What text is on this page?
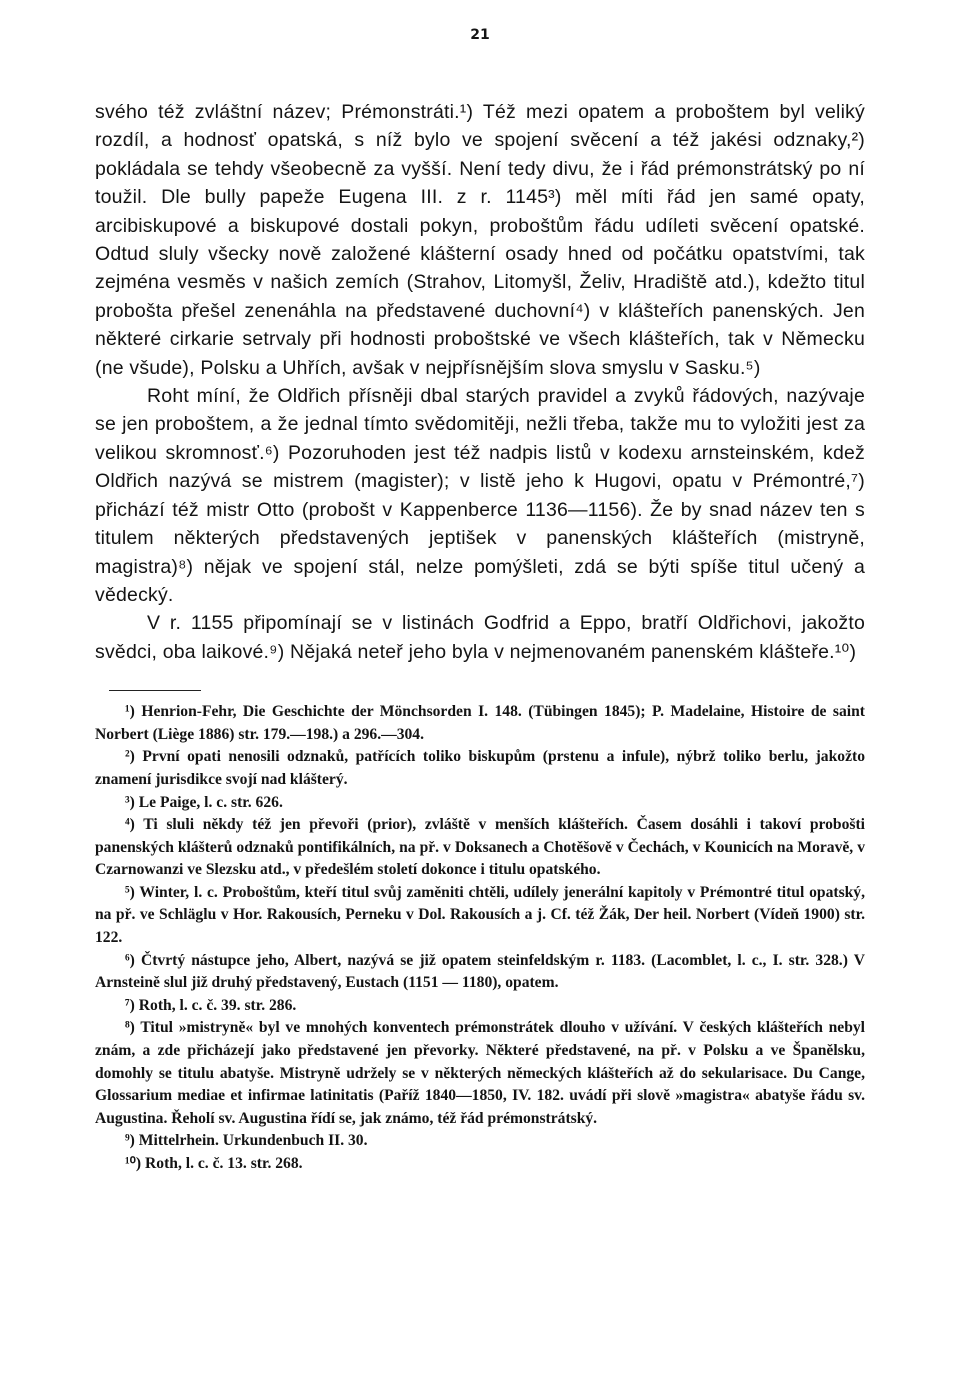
21

svého též zvláštní název; Prémonstráti.¹) Též mezi opatem a proboštem byl veliký rozdíl, a hodnosť opatská, s níž bylo ve spojení svěcení a též jakési odznaky,²) pokládala se tehdy všeobecně za vyšší. Není tedy divu, že i řád prémonstrátský po ní toužil. Dle bully papeže Eugena III. z r. 1145³) měl míti řád jen samé opaty, arcibiskupové a biskupové dostali pokyn, proboštům řádu udíleti svěcení opatské. Odtud sluly všecky nově založené klášterní osady hned od počátku opatstvími, tak zejména vesměs v našich zemích (Strahov, Litomyšl, Želiv, Hradiště atd.), kdežto titul probošta přešel zenenáhla na představené duchovní⁴) v klášteřích panenských. Jen některé cirkarie setrvaly při hodnosti proboštské ve všech klášteřích, tak v Německu (ne všude), Polsku a Uhřích, avšak v nejpřísnějším slova smyslu v Sasku.⁵)

Roht míní, že Oldřich přísněji dbal starých pravidel a zvyků řádových, nazývaje se jen proboštem, a že jednal tímto svědomitěji, nežli třeba, takže mu to vyložiti jest za velikou skromnosť.⁶) Pozoruhoden jest též nadpis listů v kodexu arnsteinském, kdež Oldřich nazývá se mistrem (magister); v listě jeho k Hugovi, opatu v Prémontré,⁷) přichází též mistr Otto (probošt v Kappenberce 1136—1156). Že by snad název ten s titulem některých představených jeptišek v panenských klášteřích (mistryně, magistra)⁸) nějak ve spojení stál, nelze pomýšleti, zdá se býti spíše titul učený a vědecký.

V r. 1155 připomínají se v listinách Godfrid a Eppo, bratří Oldřichovi, jakožto svědci, oba laikové.⁹) Nějaká neteř jeho byla v nejmenovaném panenském klášteře.¹⁰)

¹) Henrion-Fehr, Die Geschichte der Mönchsorden I. 148. (Tübingen 1845); P. Madelaine, Histoire de saint Norbert (Liège 1886) str. 179.—198.) a 296.—304.

²) První opati nenosili odznaků, patřících toliko biskupům (prstenu a infule), nýbrž toliko berlu, jakožto znamení jurisdikce svojí nad klášterý.

³) Le Paige, l. c. str. 626.

⁴) Ti sluli někdy též jen převoři (prior), zvláště v menších klášteřích. Časem dosáhli i takoví probošti panenských klášterů odznaků pontifikálních, na př. v Doksanech a Chotěšově v Čechách, v Kounicích na Moravě, v Czarnowanzi ve Slezsku atd., v předešlém století dokonce i titulu opatského.

⁵) Winter, l. c. Proboštům, kteří titul svůj zaměniti chtěli, udílely jenerální kapitoly v Prémontré titul opatský, na př. ve Schläglu v Hor. Rakousích, Perneku v Dol. Rakousích a j. Cf. též Žák, Der heil. Norbert (Vídeň 1900) str. 122.

⁶) Čtvrtý nástupce jeho, Albert, nazývá se již opatem steinfeldským r. 1183. (Lacomblet, l. c., I. str. 328.) V Arnsteině slul již druhý představený, Eustach (1151 — 1180), opatem.

⁷) Roth, l. c. č. 39. str. 286.

⁸) Titul »mistryně« byl ve mnohých konventech prémonstrátek dlouho v užívání. V českých klášteřích nebyl znám, a zde přicházejí jako představené jen převorky. Některé představené, na př. v Polsku a ve Španělsku, domohly se titulu abatyše. Mistryně udržely se v některých německých klášteřích až do sekularisace. Du Cange, Glossarium mediae et infirmae latinitatis (Paříž 1840—1850, IV. 182. uvádí při slově »magistra« abatyše řádu sv. Augustina. Řeholí sv. Augustina řídí se, jak známo, též řád prémonstrátský.

⁹) Mittelrhein. Urkundenbuch II. 30.

¹⁰) Roth, l. c. č. 13. str. 268.
